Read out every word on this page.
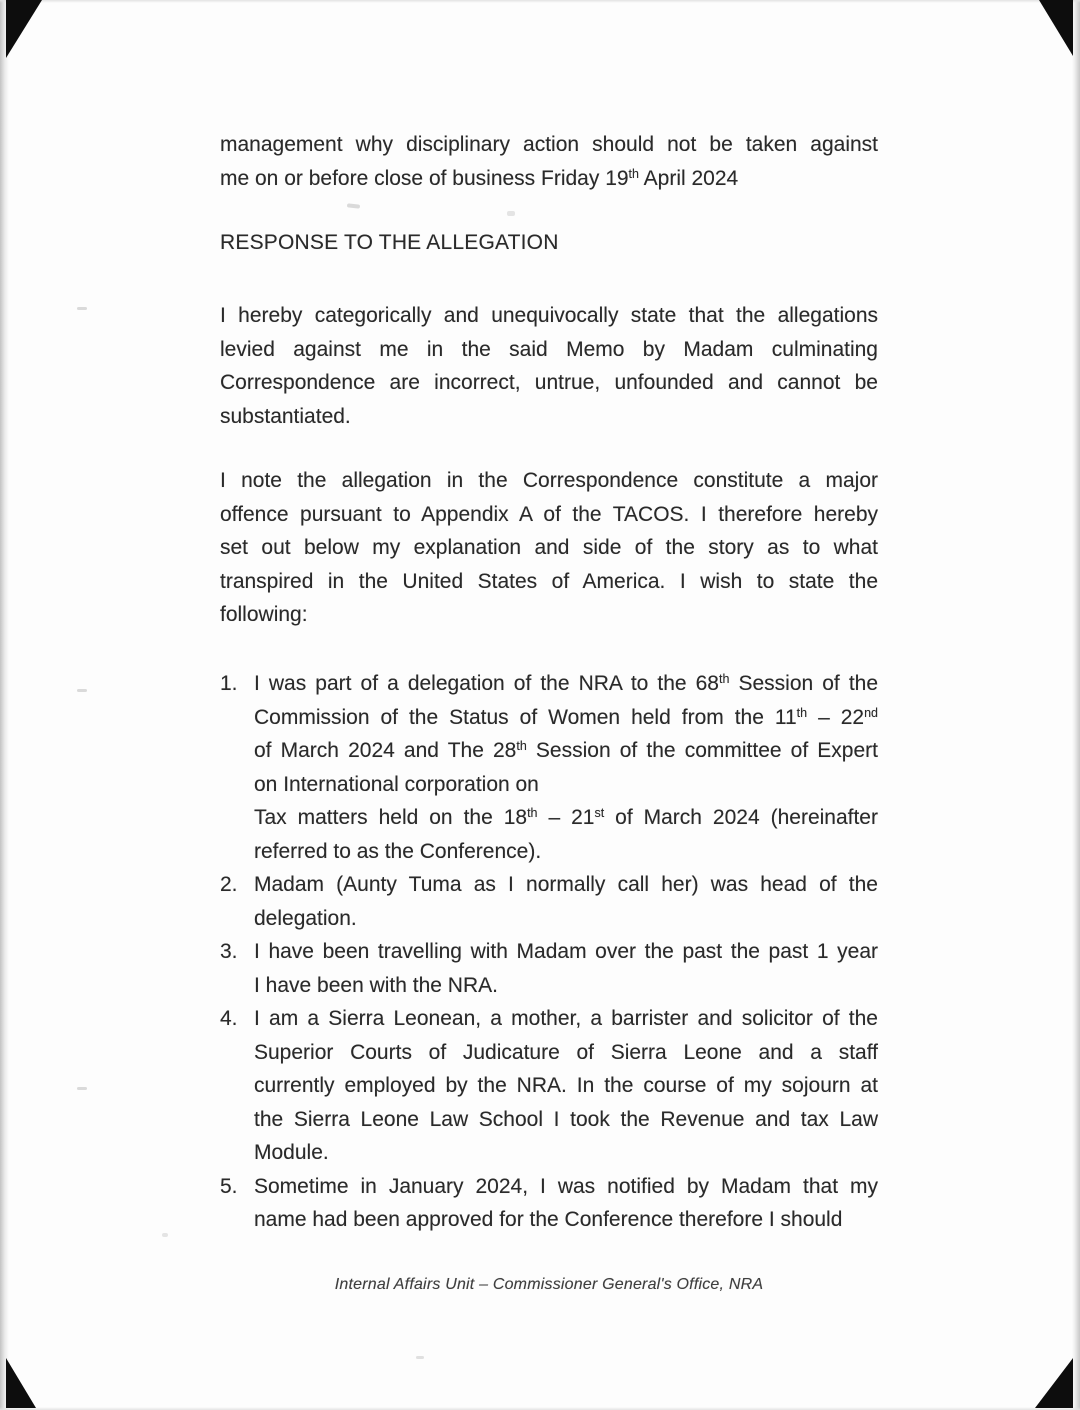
management why disciplinary action should not be taken against
me on or before close of business Friday 19th April 2024
RESPONSE TO THE ALLEGATION
I hereby categorically and unequivocally state that the allegations
levied against me in the said Memo by Madam culminating
Correspondence are incorrect, untrue, unfounded and cannot be
substantiated.
I note the allegation in the Correspondence constitute a major
offence pursuant to Appendix A of the TACOS. I therefore hereby
set out below my explanation and side of the story as to what
transpired in the United States of America. I wish to state the
following:
1. I was part of a delegation of the NRA to the 68th Session of the
Commission of the Status of Women held from the 11th – 22nd
of March 2024 and The 28th Session of the committee of Expert
on International corporation on
Tax matters held on the 18th – 21st of March 2024 (hereinafter
referred to as the Conference).
2. Madam (Aunty Tuma as I normally call her) was head of the
delegation.
3. I have been travelling with Madam over the past the past 1 year
I have been with the NRA.
4. I am a Sierra Leonean, a mother, a barrister and solicitor of the
Superior Courts of Judicature of Sierra Leone and a staff
currently employed by the NRA. In the course of my sojourn at
the Sierra Leone Law School I took the Revenue and tax Law
Module.
5. Sometime in January 2024, I was notified by Madam that my
name had been approved for the Conference therefore I should
Internal Affairs Unit – Commissioner General's Office, NRA
